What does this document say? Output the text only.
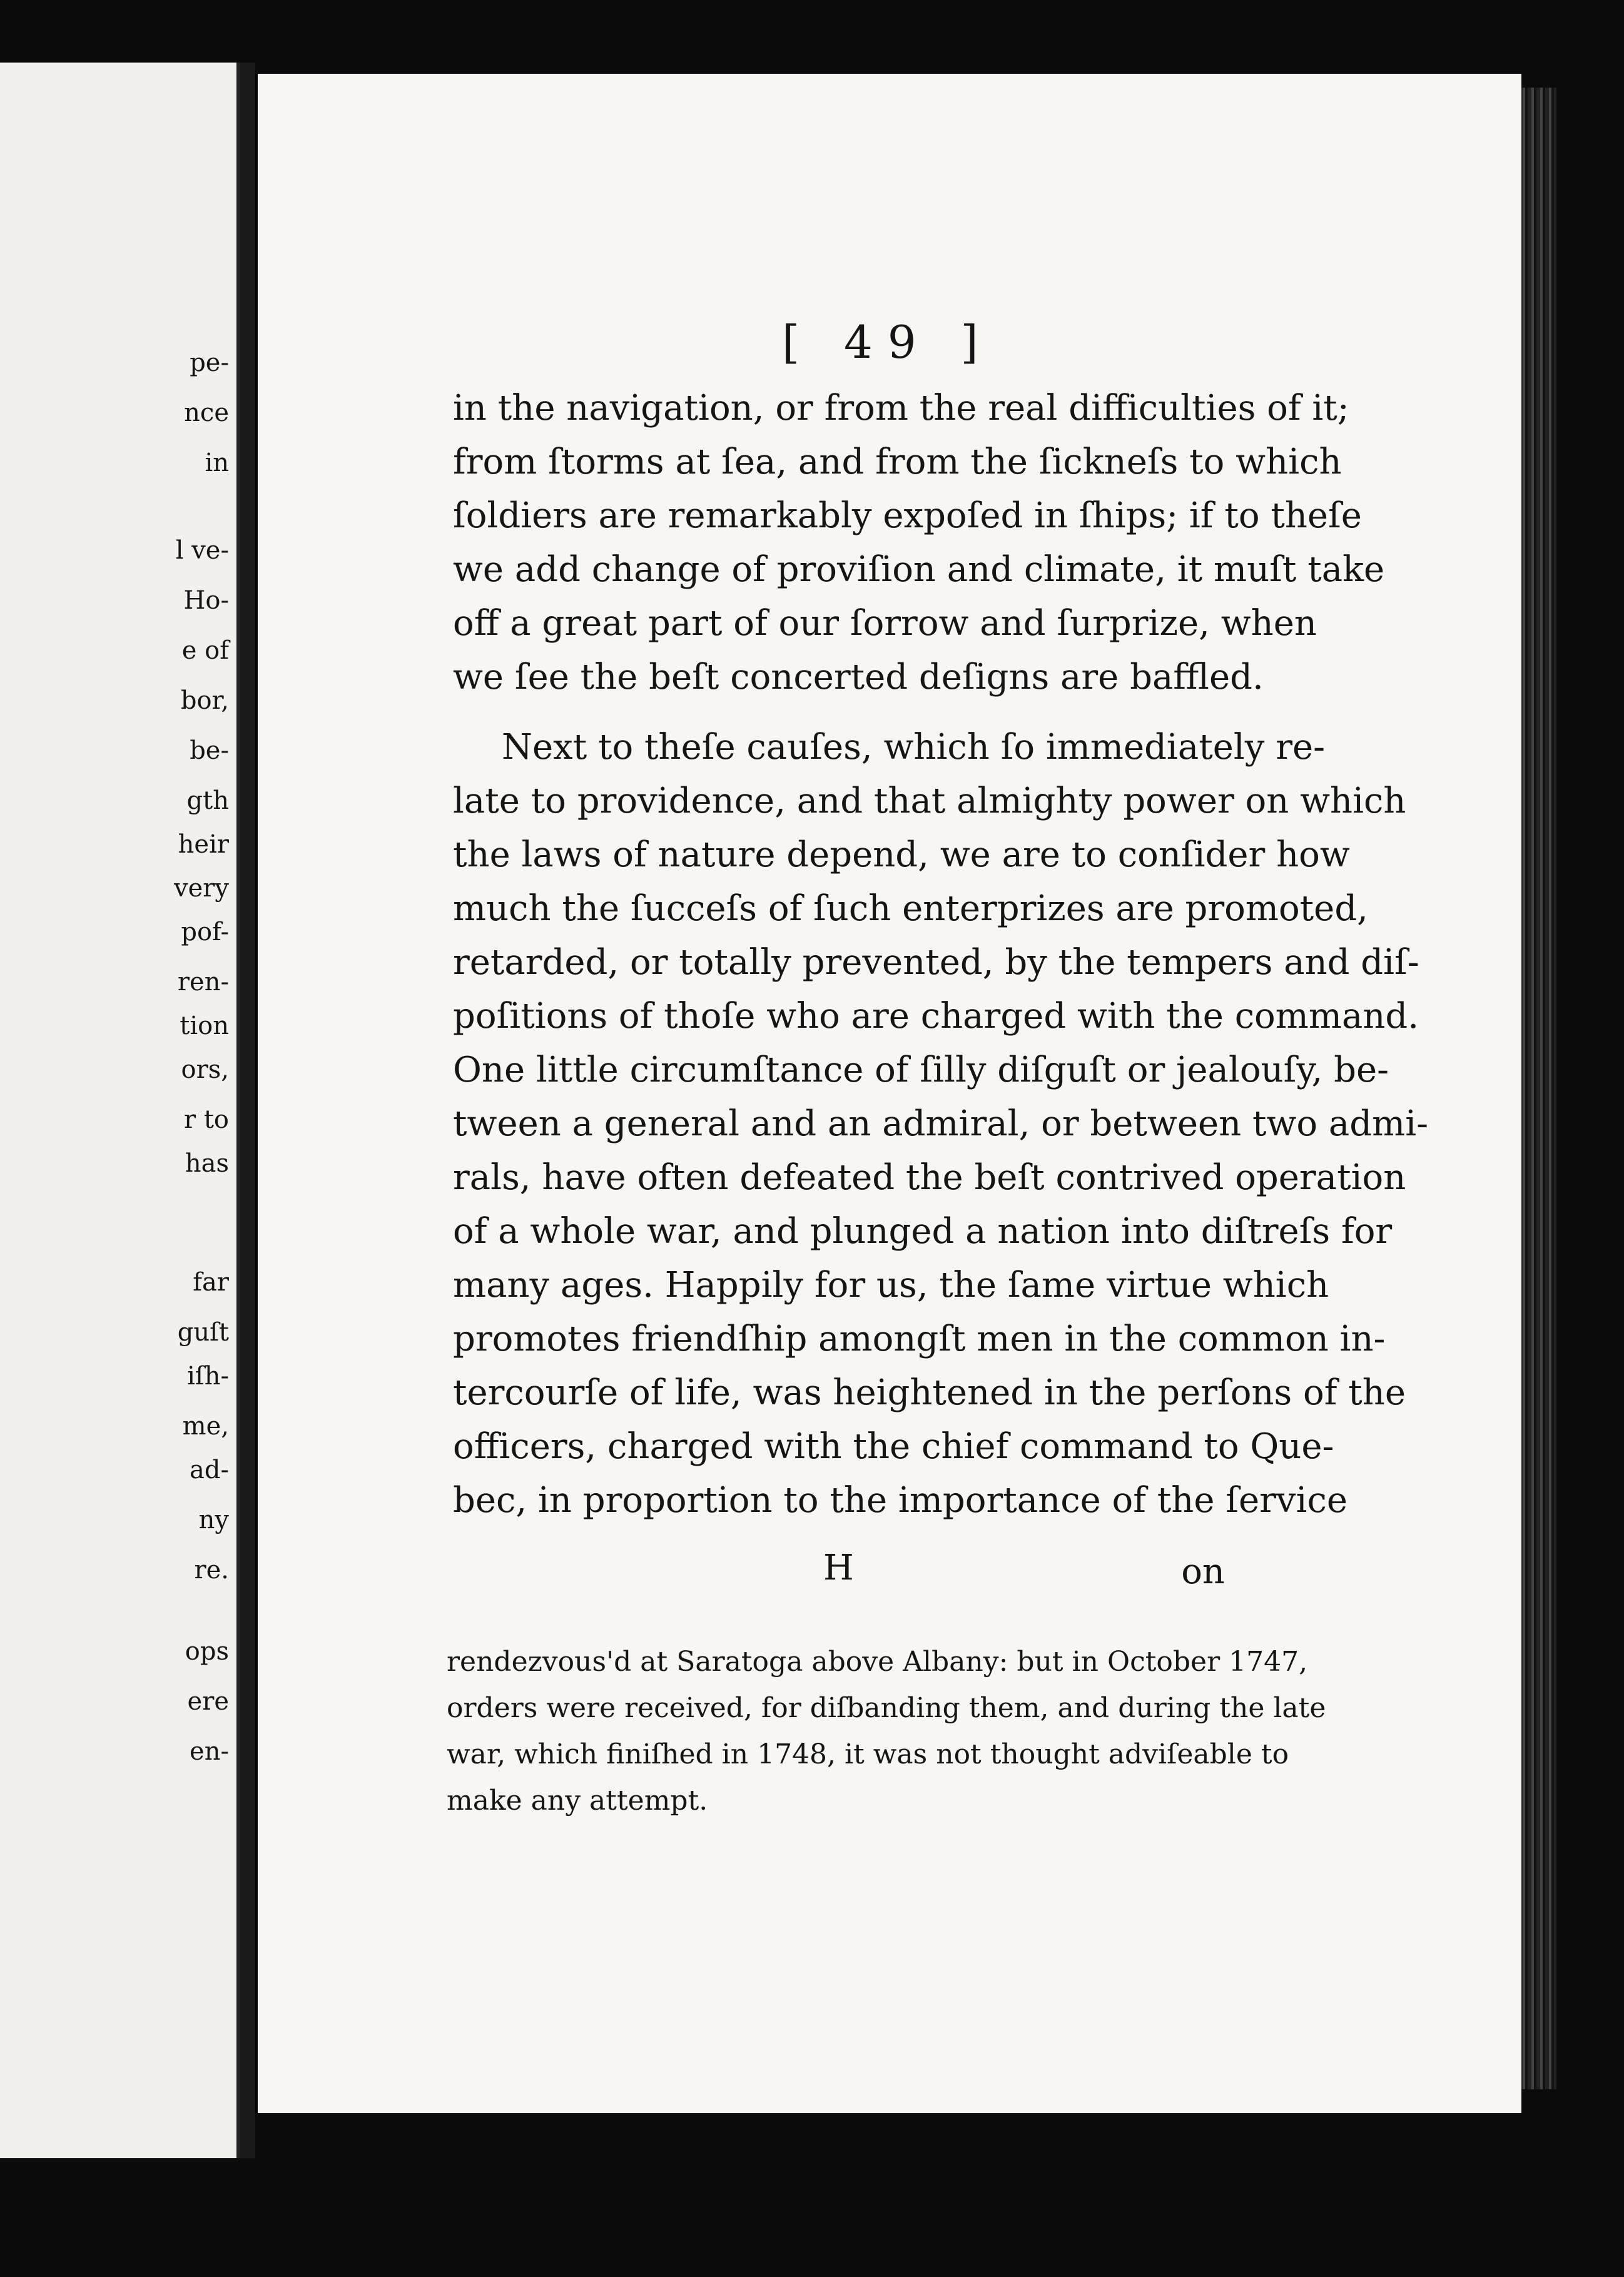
pe-
nce
in
l ve-
Ho-
e of
bor,
be-
gth
heir
very
pof-
ren-
tion
ors,
r to
has
far
guſt
iſh-
me,
ad-
ny
re.
ops
ere
en-
[ 49 ]
in the navigation, or from the real difficulties of it;
from ſtorms at ſea, and from the ſickneſs to which
ſoldiers are remarkably expoſed in ſhips; if to theſe
we add change of proviſion and climate, it muſt take
off a great part of our ſorrow and ſurprize, when
we ſee the beſt concerted deſigns are baffled.
Next to theſe cauſes, which ſo immediately re-
late to providence, and that almighty power on which
the laws of nature depend, we are to conſider how
much the ſucceſs of ſuch enterprizes are promoted,
retarded, or totally prevented, by the tempers and diſ-
poſitions of thoſe who are charged with the command.
One little circumſtance of ſilly diſguſt or jealouſy, be-
tween a general and an admiral, or between two admi-
rals, have often defeated the beſt contrived operation
of a whole war, and plunged a nation into diſtreſs for
many ages. Happily for us, the ſame virtue which
promotes friendſhip amongſt men in the common in-
tercourſe of life, was heightened in the perſons of the
officers, charged with the chief command to Que-
bec, in proportion to the importance of the ſervice
H	on
rendezvous'd at Saratoga above Albany: but in October 1747,
orders were received, for diſbanding them, and during the late
war, which finiſhed in 1748, it was not thought adviſeable to
make any attempt.
